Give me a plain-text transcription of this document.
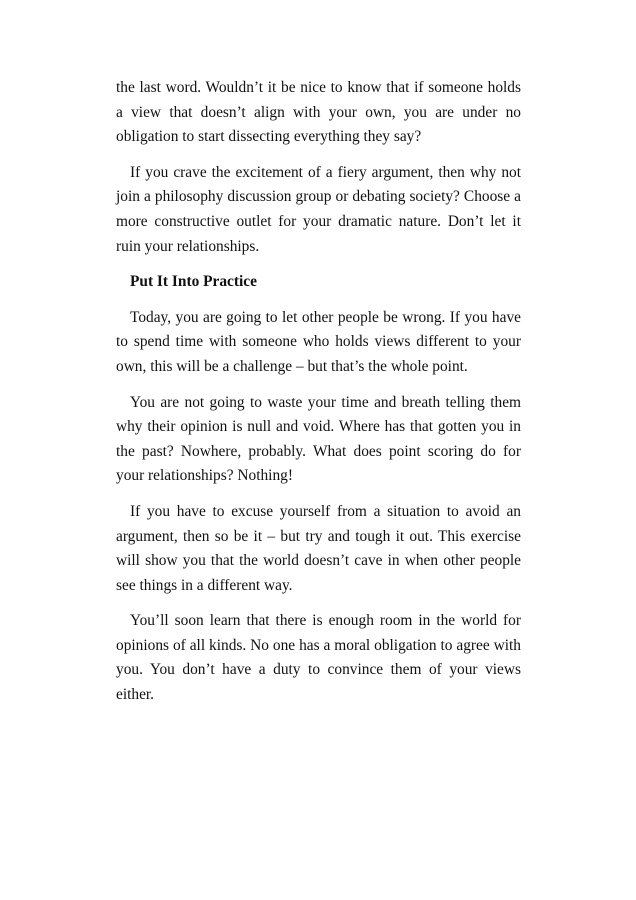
the last word. Wouldn’t it be nice to know that if someone holds a view that doesn’t align with your own, you are under no obligation to start dissecting everything they say?

If you crave the excitement of a fiery argument, then why not join a philosophy discussion group or debating society? Choose a more constructive outlet for your dramatic nature. Don’t let it ruin your relationships.

Put It Into Practice

Today, you are going to let other people be wrong. If you have to spend time with someone who holds views different to your own, this will be a challenge – but that’s the whole point.

You are not going to waste your time and breath telling them why their opinion is null and void. Where has that gotten you in the past? Nowhere, probably. What does point scoring do for your relationships? Nothing!

If you have to excuse yourself from a situation to avoid an argument, then so be it – but try and tough it out. This exercise will show you that the world doesn’t cave in when other people see things in a different way.

You’ll soon learn that there is enough room in the world for opinions of all kinds. No one has a moral obligation to agree with you. You don’t have a duty to convince them of your views either.
